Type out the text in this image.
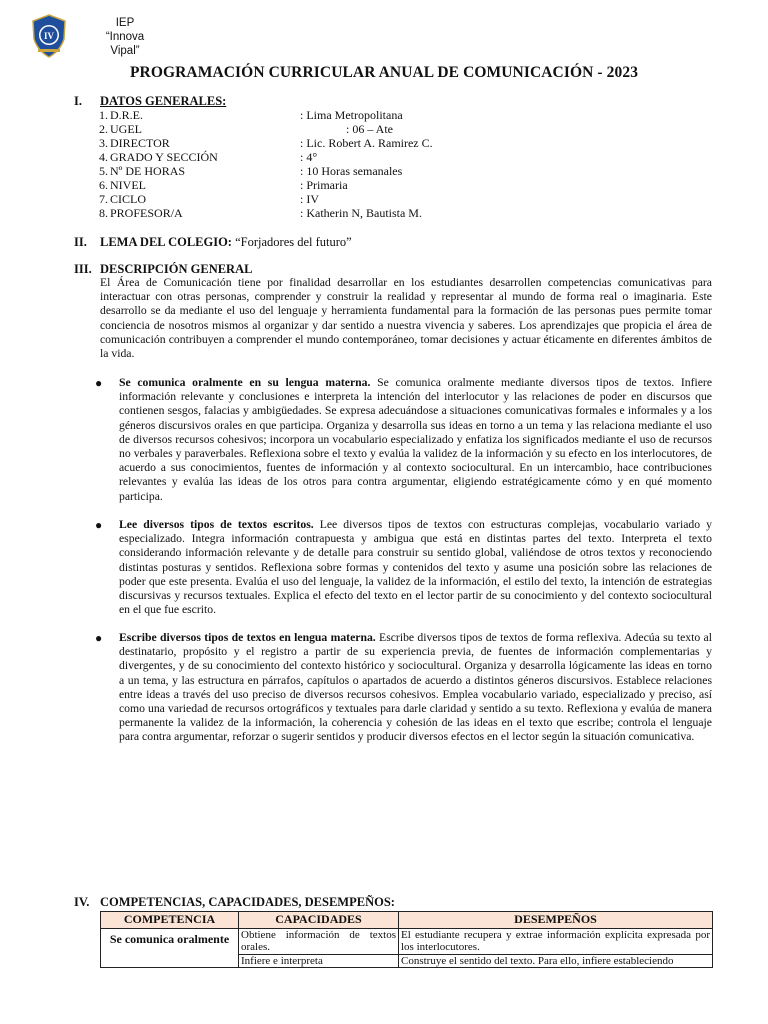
IV
IEP
“Innova Vipal”
PROGRAMACIÓN CURRICULAR ANUAL DE COMUNICACIÓN - 2023
I. DATOS GENERALES:
1. D.R.E.	: Lima Metropolitana
2. UGEL	: 06 – Ate
3. DIRECTOR	: Lic. Robert A. Ramirez C.
4. GRADO Y SECCIÓN	: 4°
5. Nº DE HORAS	: 10 Horas semanales
6. NIVEL	: Primaria
7. CICLO	: IV
8. PROFESOR/A	: Katherin N, Bautista M.
II. LEMA DEL COLEGIO: “Forjadores del futuro”
III. DESCRIPCIÓN GENERAL

El Área de Comunicación tiene por finalidad desarrollar en los estudiantes desarrollen competencias comunicativas para interactuar con otras personas, comprender y construir la realidad y representar al mundo de forma real o imaginaria. Este desarrollo se da mediante el uso del lenguaje y herramienta fundamental para la formación de las personas pues permite tomar conciencia de nosotros mismos al organizar y dar sentido a nuestra vivencia y saberes. Los aprendizajes que propicia el área de comunicación contribuyen a comprender el mundo contemporáneo, tomar decisiones y actuar éticamente en diferentes ámbitos de la vida.

● Se comunica oralmente en su lengua materna. Se comunica oralmente mediante diversos tipos de textos. Infiere información relevante y conclusiones e interpreta la intención del interlocutor y las relaciones de poder en discursos que contienen sesgos, falacias y ambigüedades. Se expresa adecuándose a situaciones comunicativas formales e informales y a los géneros discursivos orales en que participa. Organiza y desarrolla sus ideas en torno a un tema y las relaciona mediante el uso de diversos recursos cohesivos; incorpora un vocabulario especializado y enfatiza los significados mediante el uso de recursos no verbales y paraverbales. Reflexiona sobre el texto y evalúa la validez de la información y su efecto en los interlocutores, de acuerdo a sus conocimientos, fuentes de información y al contexto sociocultural. En un intercambio, hace contribuciones relevantes y evalúa las ideas de los otros para contra argumentar, eligiendo estratégicamente cómo y en qué momento participa.

● Lee diversos tipos de textos escritos. Lee diversos tipos de textos con estructuras complejas, vocabulario variado y especializado. Integra información contrapuesta y ambigua que está en distintas partes del texto. Interpreta el texto considerando información relevante y de detalle para construir su sentido global, valiéndose de otros textos y reconociendo distintas posturas y sentidos. Reflexiona sobre formas y contenidos del texto y asume una posición sobre las relaciones de poder que este presenta. Evalúa el uso del lenguaje, la validez de la información, el estilo del texto, la intención de estrategias discursivas y recursos textuales. Explica el efecto del texto en el lector partir de su conocimiento y del contexto sociocultural en el que fue escrito.

● Escribe diversos tipos de textos en lengua materna. Escribe diversos tipos de textos de forma reflexiva. Adecúa su texto al destinatario, propósito y el registro a partir de su experiencia previa, de fuentes de información complementarias y divergentes, y de su conocimiento del contexto histórico y sociocultural. Organiza y desarrolla lógicamente las ideas en torno a un tema, y las estructura en párrafos, capítulos o apartados de acuerdo a distintos géneros discursivos. Establece relaciones entre ideas a través del uso preciso de diversos recursos cohesivos. Emplea vocabulario variado, especializado y preciso, así como una variedad de recursos ortográficos y textuales para darle claridad y sentido a su texto. Reflexiona y evalúa de manera permanente la validez de la información, la coherencia y cohesión de las ideas en el texto que escribe; controla el lenguaje para contra argumentar, reforzar o sugerir sentidos y producir diversos efectos en el lector según la situación comunicativa.

IV. COMPETENCIAS, CAPACIDADES, DESEMPEÑOS:
COMPETENCIA	CAPACIDADES	DESEMPEÑOS
Se comunica oralmente	Obtiene información de textos orales.	El estudiante recupera y extrae información explícita expresada por los interlocutores.
	Infiere e interpreta	Construye el sentido del texto. Para ello, infiere estableciendo
